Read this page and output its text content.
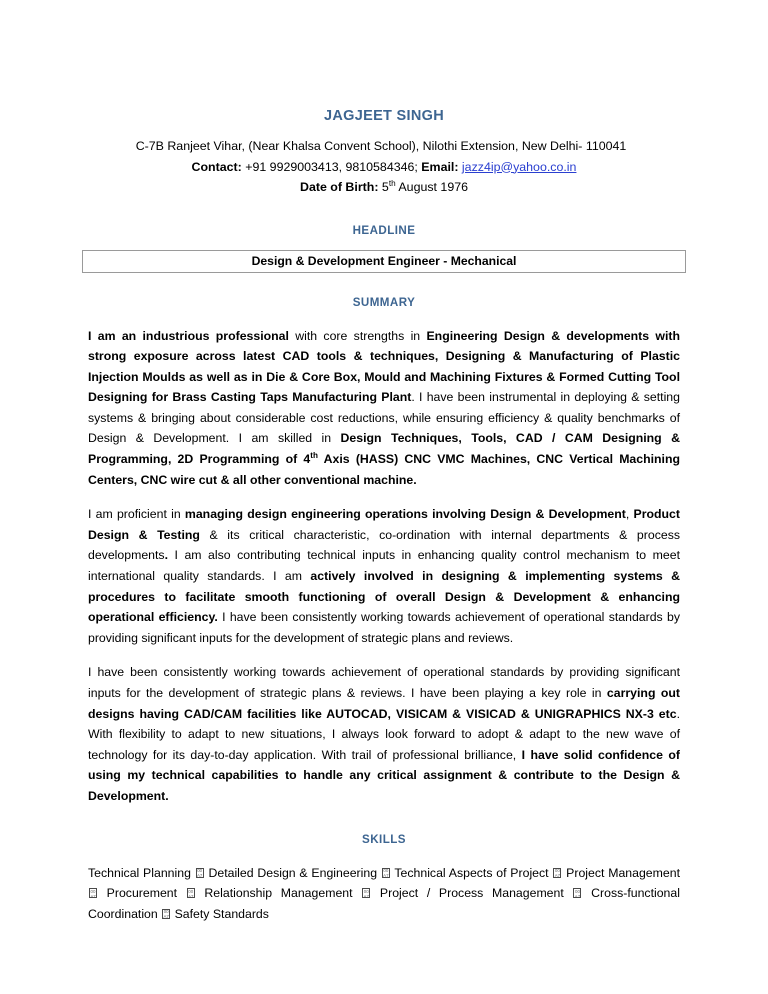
JAGJEET SINGH
C-7B Ranjeet Vihar, (Near Khalsa Convent School), Nilothi Extension, New Delhi- 110041
Contact: +91 9929003413, 9810584346; Email: jazz4ip@yahoo.co.in
Date of Birth: 5th August 1976
HEADLINE
Design & Development Engineer - Mechanical
SUMMARY
I am an industrious professional with core strengths in Engineering Design & developments with strong exposure across latest CAD tools & techniques, Designing & Manufacturing of Plastic Injection Moulds as well as in Die & Core Box, Mould and Machining Fixtures & Formed Cutting Tool Designing for Brass Casting Taps Manufacturing Plant. I have been instrumental in deploying & setting systems & bringing about considerable cost reductions, while ensuring efficiency & quality benchmarks of Design & Development. I am skilled in Design Techniques, Tools, CAD / CAM Designing & Programming, 2D Programming of 4th Axis (HASS) CNC VMC Machines, CNC Vertical Machining Centers, CNC wire cut & all other conventional machine.
I am proficient in managing design engineering operations involving Design & Development, Product Design & Testing & its critical characteristic, co-ordination with internal departments & process developments. I am also contributing technical inputs in enhancing quality control mechanism to meet international quality standards. I am actively involved in designing & implementing systems & procedures to facilitate smooth functioning of overall Design & Development & enhancing operational efficiency. I have been consistently working towards achievement of operational standards by providing significant inputs for the development of strategic plans and reviews.
I have been consistently working towards achievement of operational standards by providing significant inputs for the development of strategic plans & reviews. I have been playing a key role in carrying out designs having CAD/CAM facilities like AUTOCAD, VISICAM & VISICAD & UNIGRAPHICS NX-3 etc. With flexibility to adapt to new situations, I always look forward to adopt & adapt to the new wave of technology for its day-to-day application. With trail of professional brilliance, I have solid confidence of using my technical capabilities to handle any critical assignment & contribute to the Design & Development.
SKILLS
Technical Planning 00
A7 Detailed Design & Engineering 00
A7 Technical Aspects of Project 00
A7 Project Management
00
A7 Procurement	00
A7 Relationship Management	00
A7 Project / Process Management	00
A7 Cross-functional Coordination 00
A7 Safety Standards
